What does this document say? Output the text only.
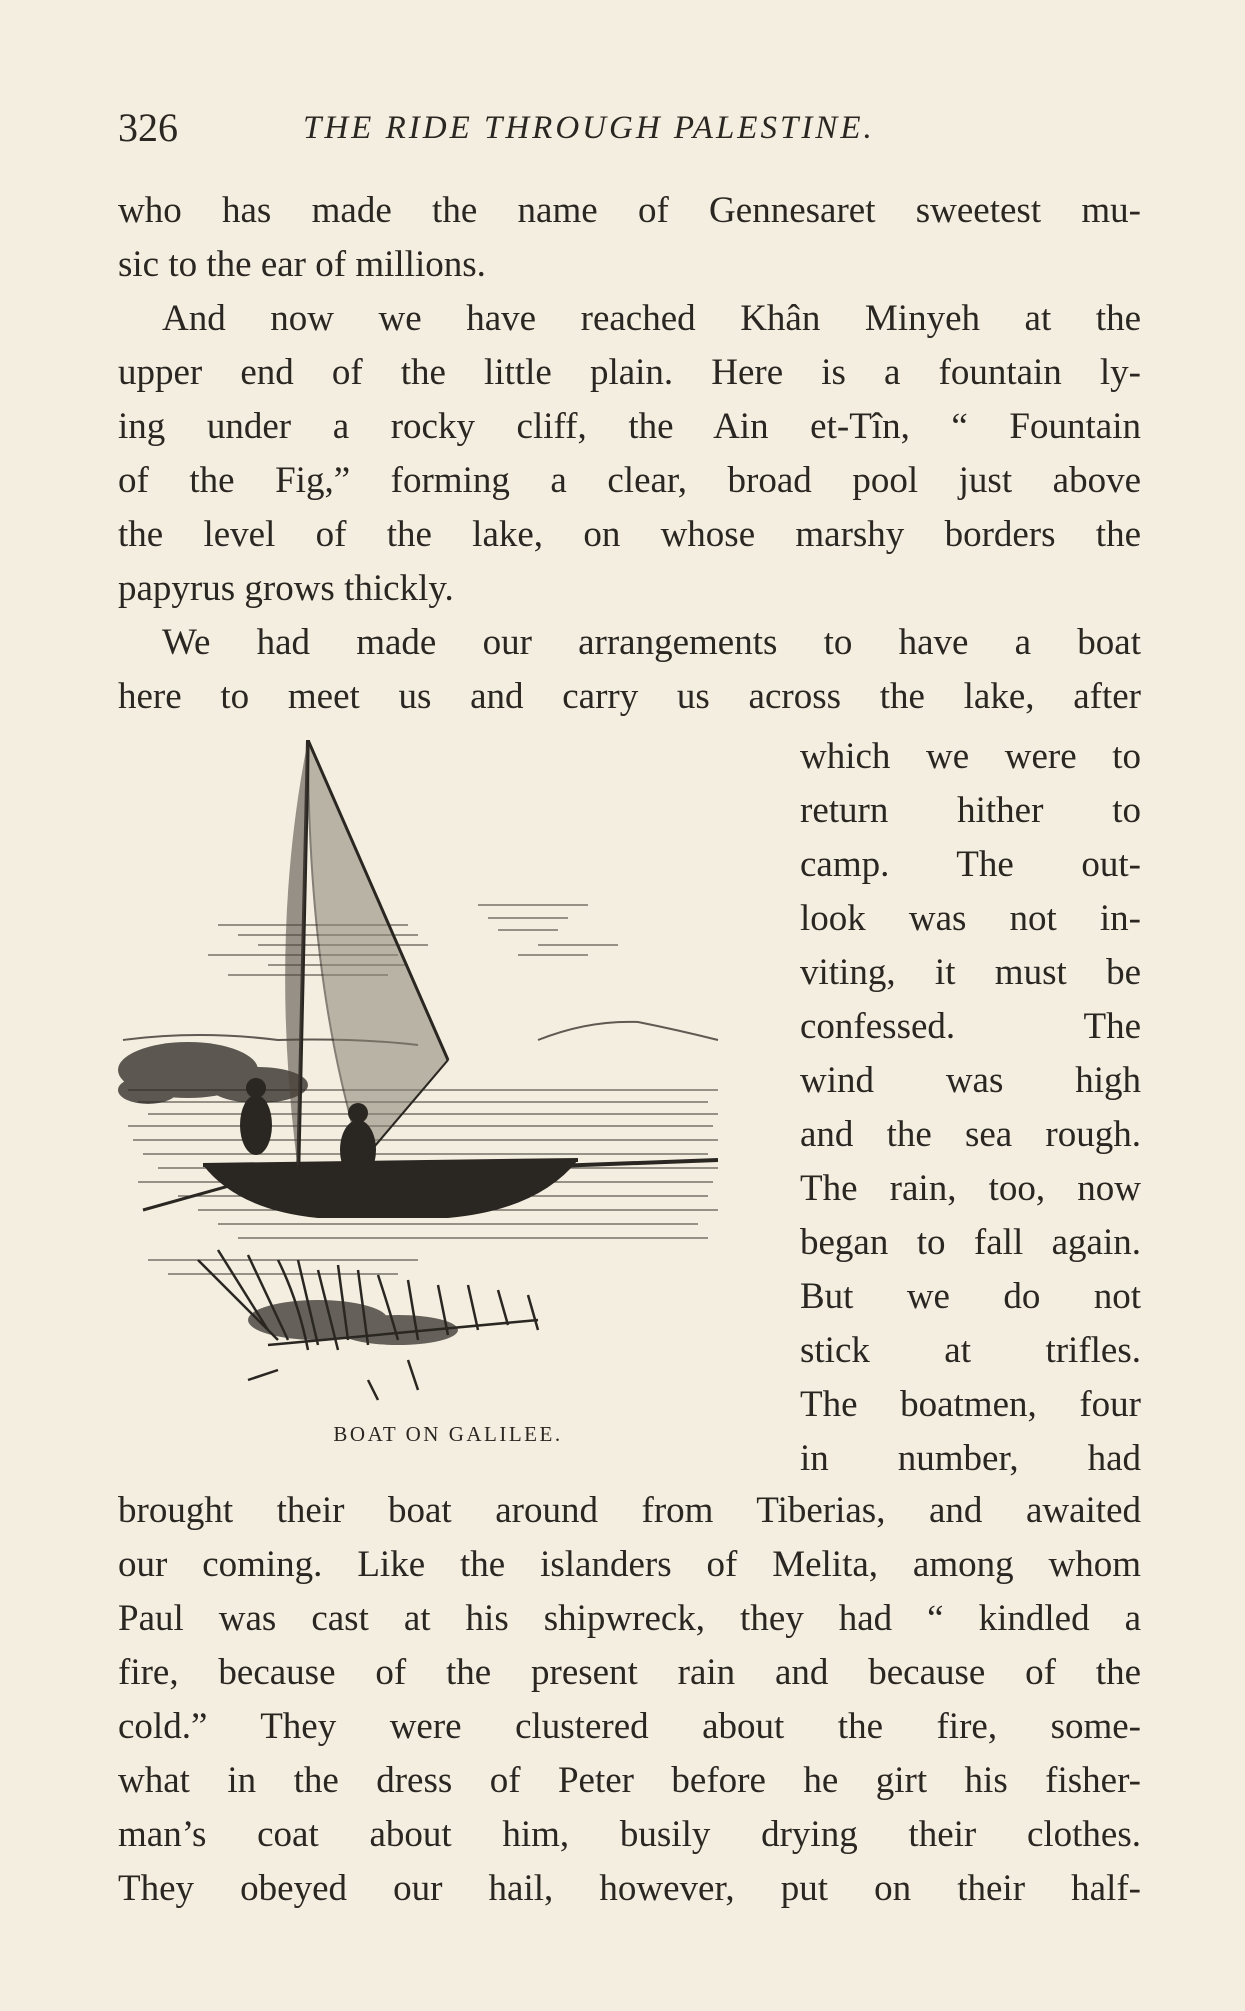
326	THE RIDE THROUGH PALESTINE.
who has made the name of Gennesaret sweetest mu-
sic to the ear of millions.
And now we have reached Khân Minyeh at the
upper end of the little plain. Here is a fountain ly-
ing under a rocky cliff, the Ain et-Tîn, “ Fountain
of the Fig,” forming a clear, broad pool just above
the level of the lake, on whose marshy borders the
papyrus grows thickly.
We had made our arrangements to have a boat
here to meet us and carry us across the lake, after
BOAT ON GALILEE.
which we were to
return hither to
camp. The out-
look was not in-
viting, it must be
confessed. The
wind was high
and the sea rough.
The rain, too, now
began to fall again.
But we do not
stick at trifles.
The boatmen, four
in number, had
brought their boat around from Tiberias, and awaited
our coming. Like the islanders of Melita, among whom
Paul was cast at his shipwreck, they had “ kindled a
fire, because of the present rain and because of the
cold.” They were clustered about the fire, some-
what in the dress of Peter before he girt his fisher-
man’s coat about him, busily drying their clothes.
They obeyed our hail, however, put on their half-
